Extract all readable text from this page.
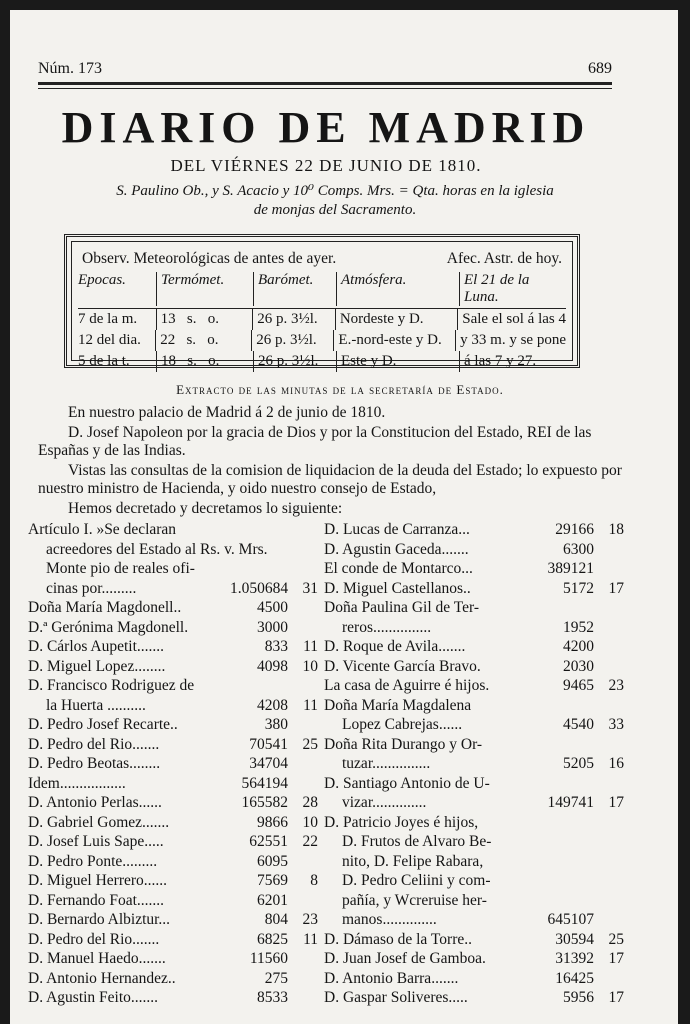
Núm. 173	689
DIARIO DE MADRID
DEL VIÉRNES 22 DE JUNIO DE 1810.
S. Paulino Ob., y S. Acacio y 10⁰ Comps. Mrs. = Qta. horas en la iglesia
de monjas del Sacramento.
Observ. Meteorológicas de antes de ayer.	Afec. Astr. de hoy.
Epocas.	Termómet.	Barómet.	Atmósfera.	El 21 de la Luna.
7 de la m.	13   s.   o.	26 p. 3½l.	Nordeste y D.	Sale el sol á las 4
12 del dia.	22   s.   o.	26 p. 3½l.	E.-nord-este y D.	y 33 m. y se pone
5 de la t.	18   s.   o.	26 p. 3½l.	Este y D.	á las 7 y 27.
Extracto de las minutas de la secretaría de Estado.
En nuestro palacio de Madrid á 2 de junio de 1810.
D. Josef Napoleon por la gracia de Dios y por la Constitucion del Estado, REI de las Españas y de las Indias.
Vistas las consultas de la comision de liquidacion de la deuda del Estado; lo expuesto por nuestro ministro de Hacienda, y oido nuestro consejo de Estado,
Hemos decretado y decretamos lo siguiente:
Artículo I. »Se declaran
acreedores del Estado al Rs. v. Mrs.
Monte pio de reales ofi-
cinas por.........	1.050684 31
Doña María Magdonell..	4500
D.ª Gerónima Magdonell.	3000
D. Cárlos Aupetit.......	833 11
D. Miguel Lopez........	4098 10
D. Francisco Rodriguez de
la Huerta ..........	4208 11
D. Pedro Josef Recarte..	380
D. Pedro del Rio.......	70541 25
D. Pedro Beotas........	34704
Idem.................	564194
D. Antonio Perlas......	165582 28
D. Gabriel Gomez.......	9866 10
D. Josef Luis Sape.....	62551 22
D. Pedro Ponte.........	6095
D. Miguel Herrero......	7569	8
D. Fernando Foat.......	6201
D. Bernardo Albiztur...	804 23
D. Pedro del Rio.......	6825 11
D. Manuel Haedo.......	11560
D. Antonio Hernandez..	275
D. Agustin Feito.......	8533
D. Lucas de Carranza...	29166 18
D. Agustin Gaceda.......	6300
El conde de Montarco...	389121
D. Miguel Castellanos..	5172 17
Doña Paulina Gil de Ter-
reros...............	1952
D. Roque de Avila.......	4200
D. Vicente García Bravo.	2030
La casa de Aguirre é hijos.	9465 23
Doña María Magdalena
Lopez Cabrejas......	4540 33
Doña Rita Durango y Or-
tuzar...............	5205 16
D. Santiago Antonio de U-
vizar..............	149741 17
D. Patricio Joyes é hijos,
D. Frutos de Alvaro Be-
nito, D. Felipe Rabara,
D. Pedro Celiini y com-
pañía, y Wcreruise her-
manos..............	645107
D. Dámaso de la Torre..	30594 25
D. Juan Josef de Gamboa.	31392 17
D. Antonio Barra.......	16425
D. Gaspar Soliveres.....	5956 17
